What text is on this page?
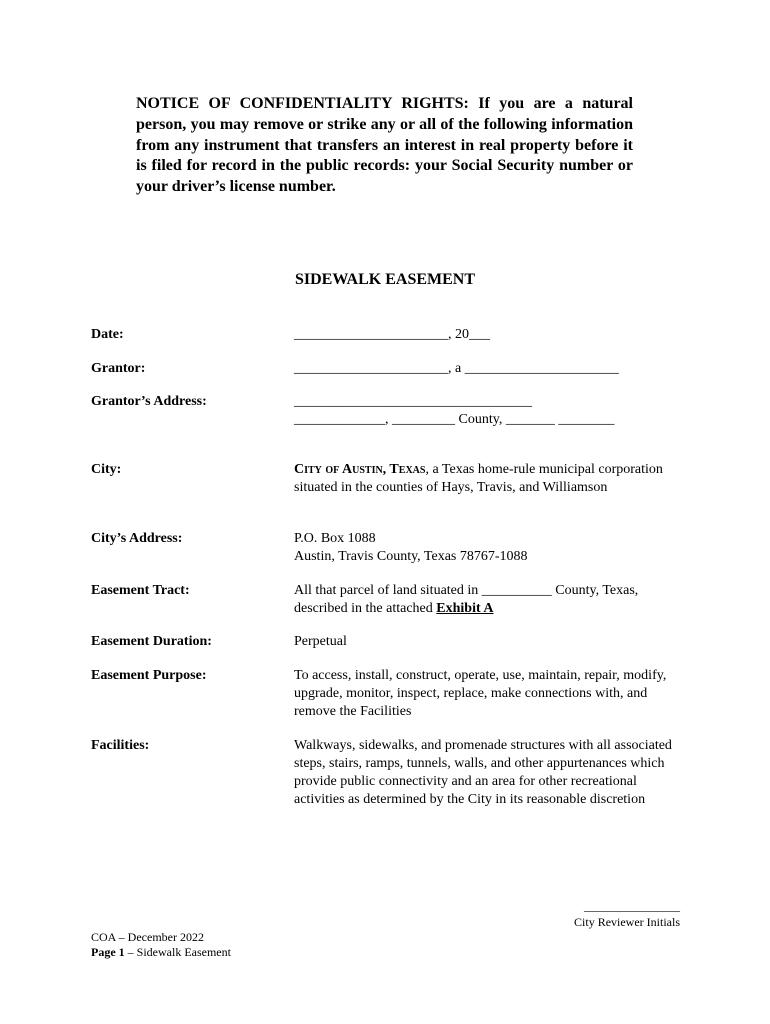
NOTICE OF CONFIDENTIALITY RIGHTS: If you are a natural person, you may remove or strike any or all of the following information from any instrument that transfers an interest in real property before it is filed for record in the public records: your Social Security number or your driver’s license number.

SIDEWALK EASEMENT
Date:	______________________, 20___
Grantor:	______________________, a ______________________
Grantor’s Address:	__________________________________
_____________, _________ County, _______ ________
City:	City of Austin, Texas, a Texas home-rule municipal corporation situated in the counties of Hays, Travis, and Williamson
City’s Address:	P.O. Box 1088
Austin, Travis County, Texas 78767-1088
Easement Tract:	All that parcel of land situated in __________ County, Texas, described in the attached Exhibit A
Easement Duration:	Perpetual
Easement Purpose:	To access, install, construct, operate, use, maintain, repair, modify, upgrade, monitor, inspect, replace, make connections with, and remove the Facilities
Facilities:	Walkways, sidewalks, and promenade structures with all associated steps, stairs, ramps, tunnels, walls, and other appurtenances which provide public connectivity and an area for other recreational activities as determined by the City in its reasonable discretion
________________
City Reviewer Initials
COA – December 2022
Page 1 – Sidewalk Easement
